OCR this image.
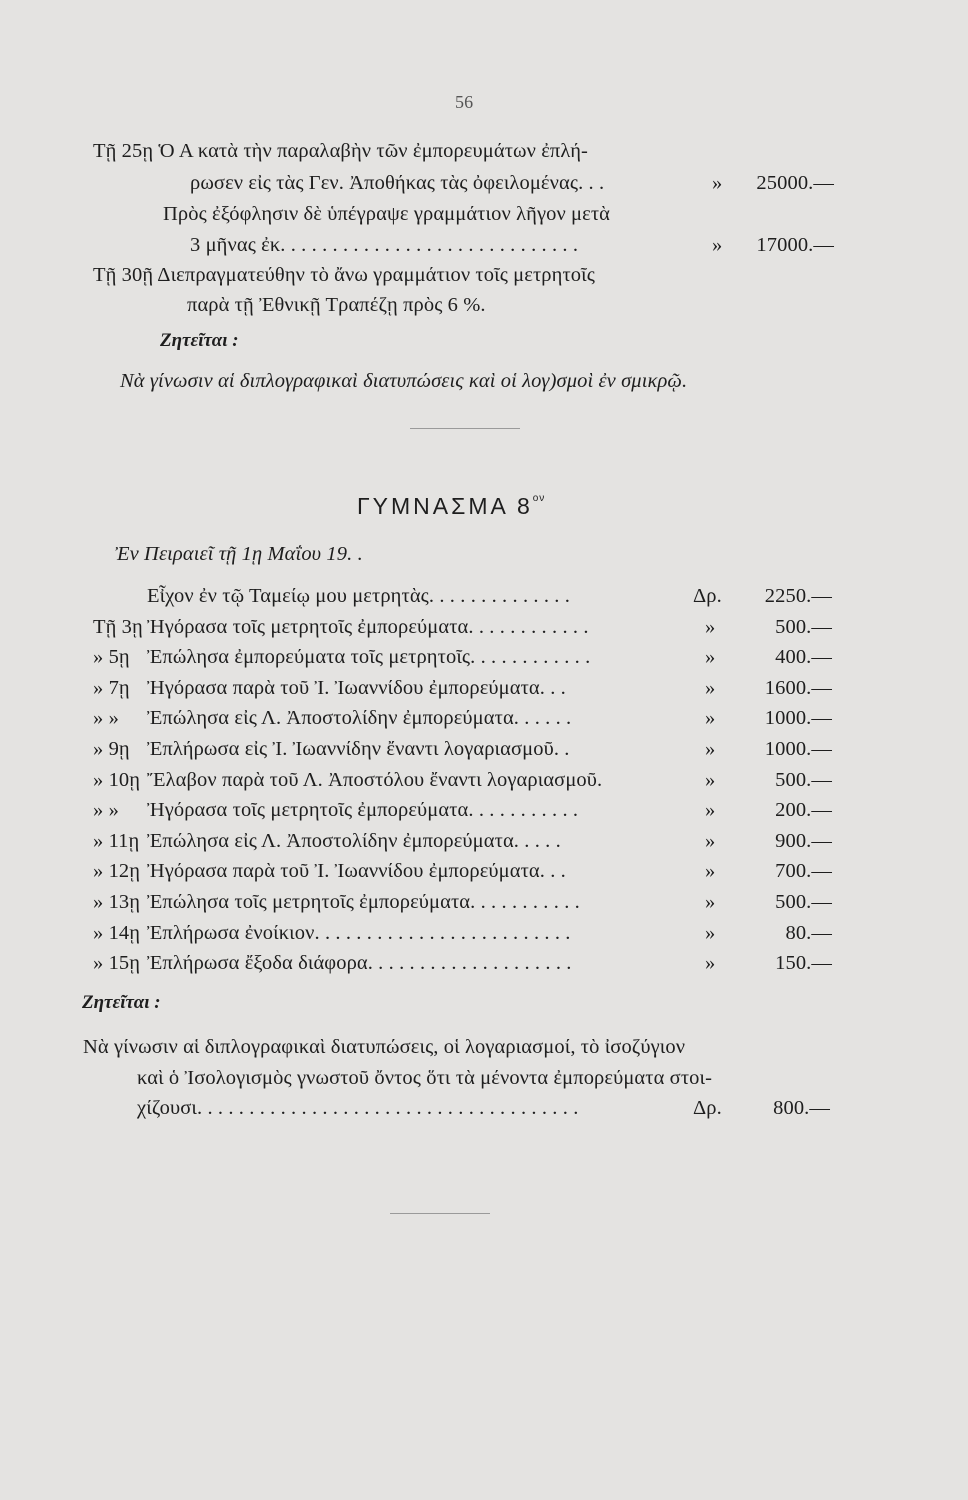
56
Τῇ 25ῃ Ὁ Α κατὰ τὴν παραλαβὴν τῶν ἐμπορευμάτων ἐπλή-
ρωσεν εἰς τὰς Γεν. Ἀποθήκας τὰς ὀφειλομένας. . .	»	25000.—
Πρὸς ἐξόφλησιν δὲ ὑπέγραψε γραμμάτιον λῆγον μετὰ
3 μῆνας ἐκ. . . . . . . . . . . . . . . . . . . . . . . . . . . . .	»	17000.—
Τῇ 30ῇ Διεπραγματεύθην τὸ ἄνω γραμμάτιον τοῖς μετρητοῖς
παρὰ τῇ Ἐθνικῇ Τραπέζῃ πρὸς 6 %.
Ζητεῖται :
Νὰ γίνωσιν αἱ διπλογραφικαὶ διατυπώσεις καὶ οἱ λογ)σμοὶ ἐν σμικρῷ.
ΓΥΜΝΑΣΜΑ $8^{o\nu}$
Ἐν Πειραιεῖ τῇ 1ῃ Μαΐου 19. .
Εἶχον ἐν τῷ Ταμείῳ μου μετρητὰς. . . . . . . . . . . . . .	Δρ.	2250.—
Τῇ 3ῃ Ἠγόρασα τοῖς μετρητοῖς ἐμπορεύματα. . . . . . . . . . . .	»	500.—
» 5ῃ Ἐπώλησα ἐμπορεύματα τοῖς μετρητοῖς. . . . . . . . . . . .	»	400.—
» 7ῃ Ἠγόρασα παρὰ τοῦ Ἰ. Ἰωαννίδου ἐμπορεύματα. . .	»	1600.—
» » Ἐπώλησα εἰς Λ. Ἀποστολίδην ἐμπορεύματα. . . . . .	»	1000.—
» 9ῃ Ἐπλήρωσα εἰς Ἰ. Ἰωαννίδην ἔναντι λογαριασμοῦ. .	»	1000.—
» 10ῃ Ἔλαβον παρὰ τοῦ Λ. Ἀποστόλου ἔναντι λογαριασμοῦ.	»	500.—
» » Ἠγόρασα τοῖς μετρητοῖς ἐμπορεύματα. . . . . . . . . . .	»	200.—
» 11ῃ Ἐπώλησα εἰς Λ. Ἀποστολίδην ἐμπορεύματα. . . . .	»	900.—
» 12ῃ Ἠγόρασα παρὰ τοῦ Ἰ. Ἰωαννίδου ἐμπορεύματα. . .	»	700.—
» 13ῃ Ἐπώλησα τοῖς μετρητοῖς ἐμπορεύματα. . . . . . . . . . .	»	500.—
» 14ῃ Ἐπλήρωσα ἐνοίκιον. . . . . . . . . . . . . . . . . . . . . . . . .	»	80.—
» 15ῃ Ἐπλήρωσα ἔξοδα διάφορα. . . . . . . . . . . . . . . . . . . .	»	150.—
Ζητεῖται :
Νὰ γίνωσιν αἱ διπλογραφικαὶ διατυπώσεις, οἱ λογαριασμοί, τὸ ἰσοζύγιον
καὶ ὁ Ἰσολογισμὸς γνωστοῦ ὄντος ὅτι τὰ μένοντα ἐμπορεύματα στοι-
χίζουσι. . . . . . . . . . . . . . . . . . . . . . . . . . . . . . . . . . . . .	Δρ.	800.—
